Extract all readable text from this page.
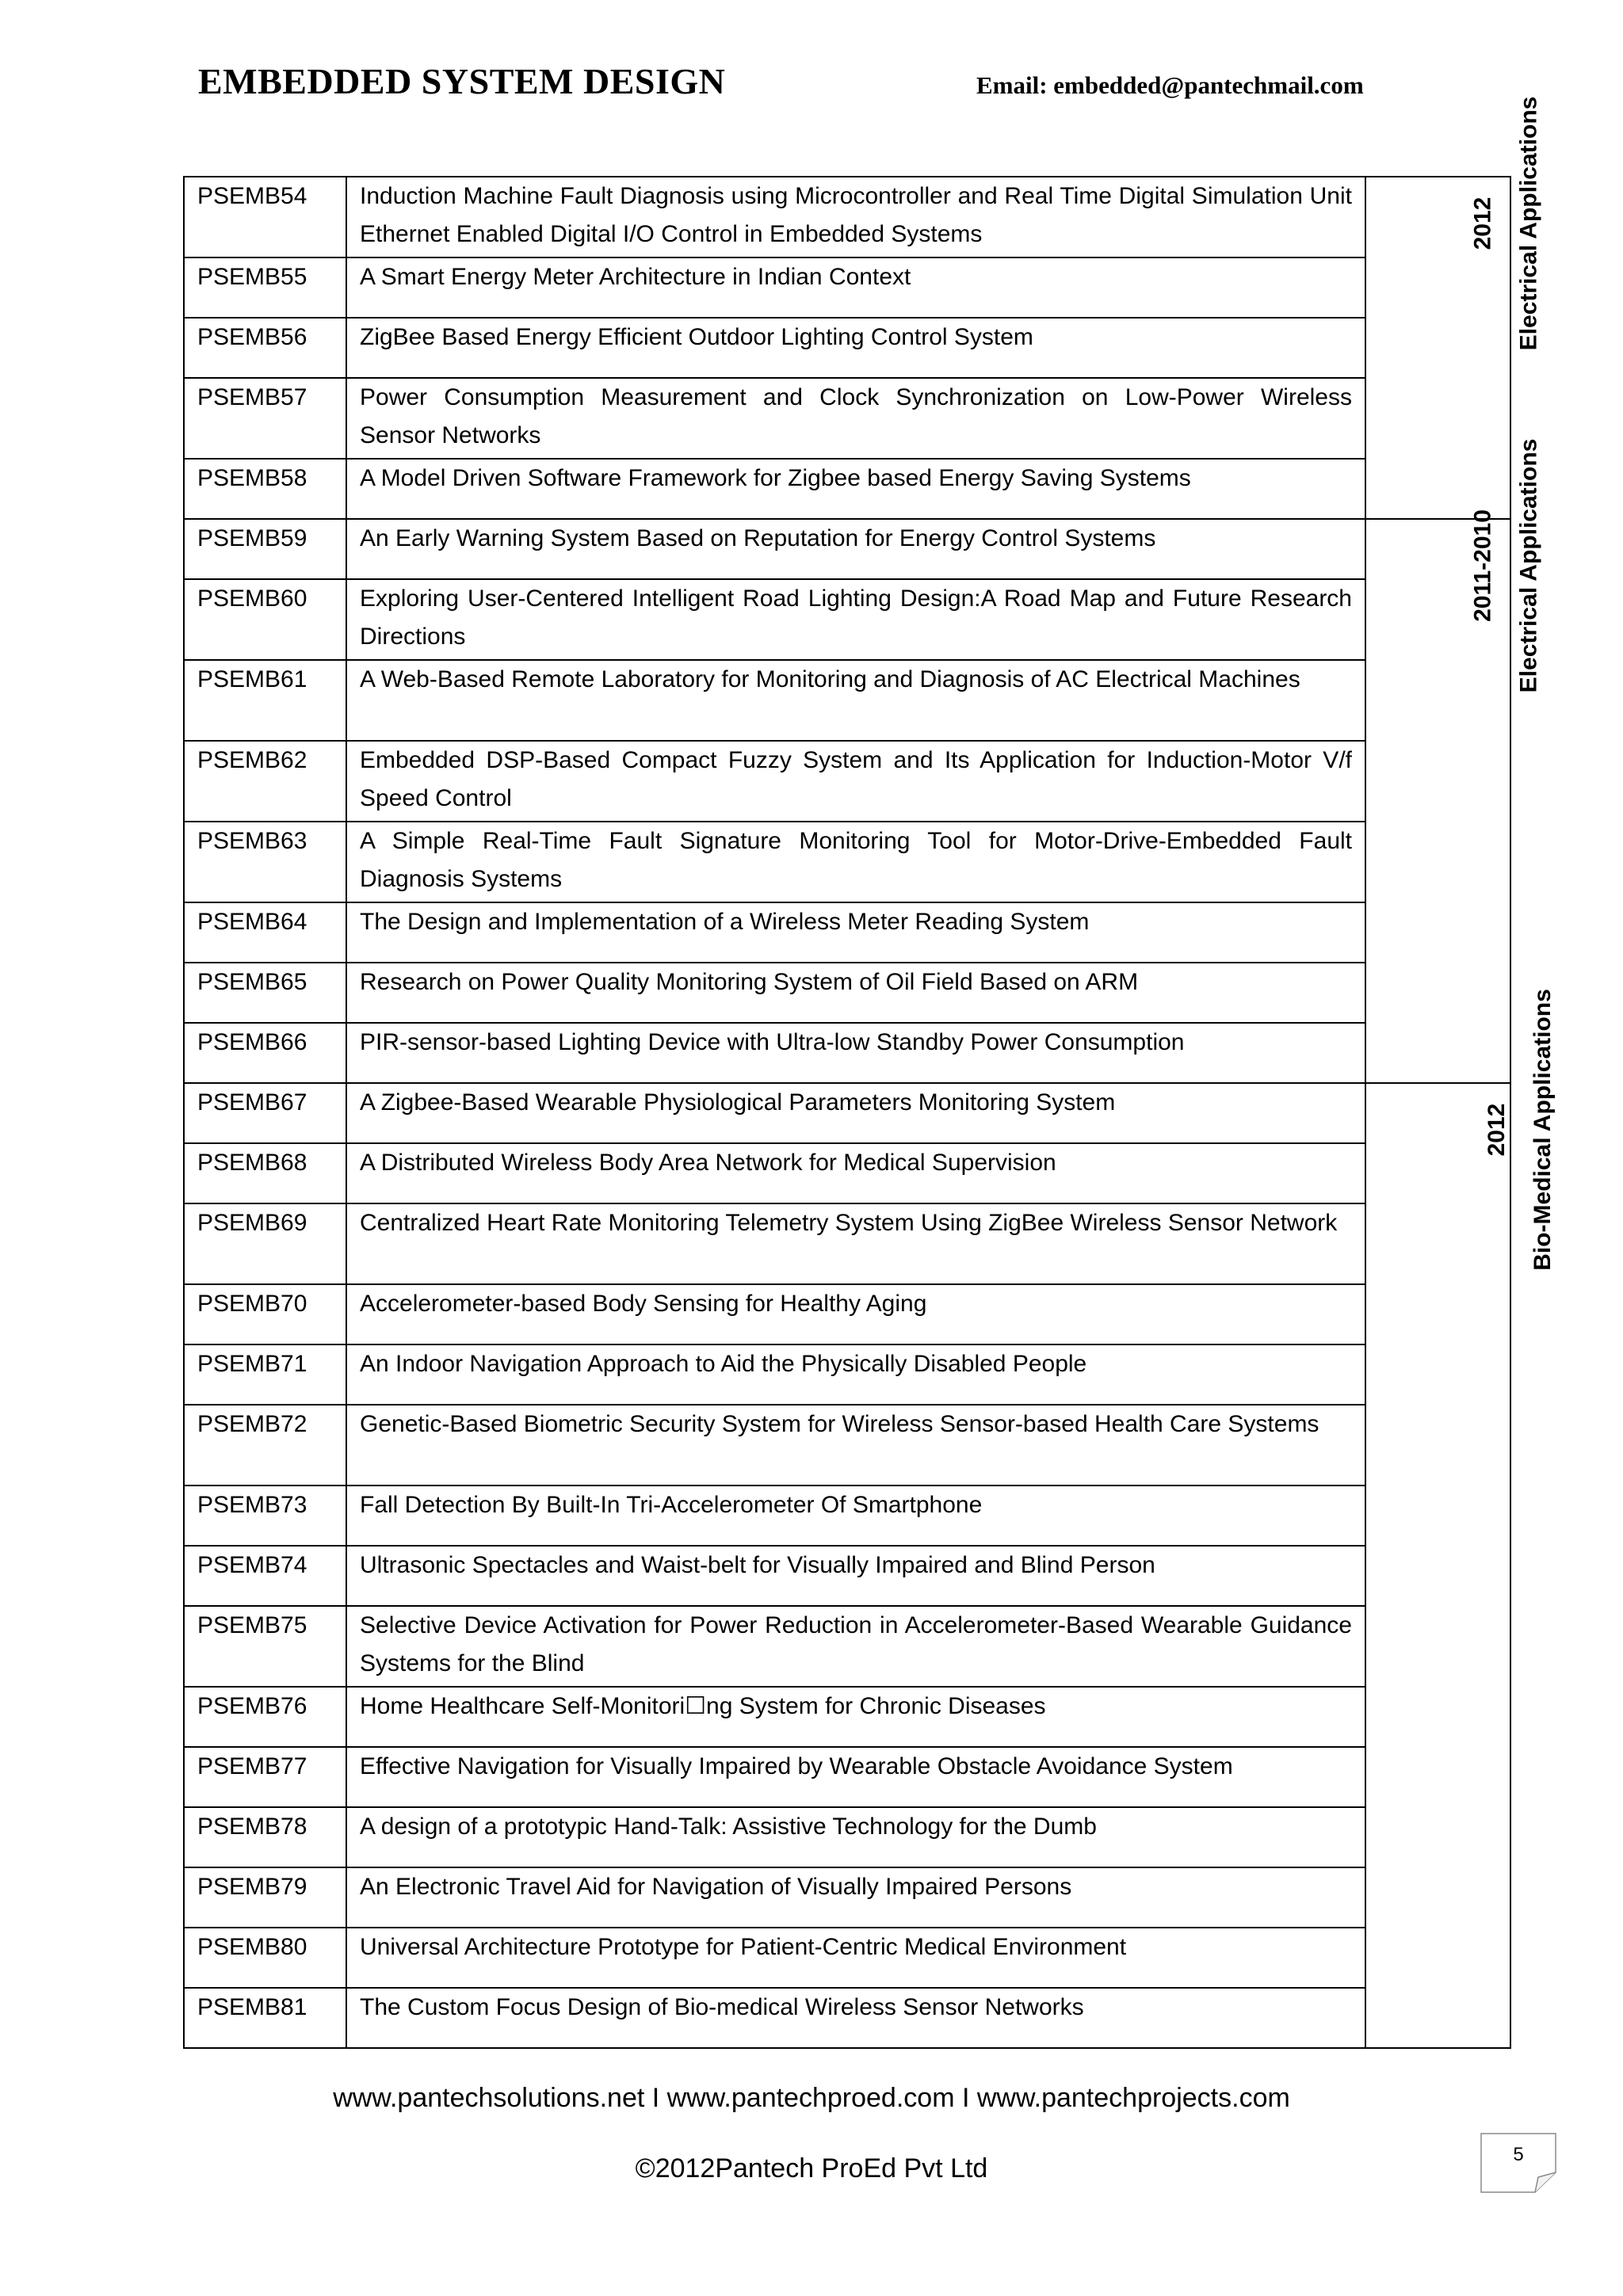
EMBEDDED SYSTEM DESIGN	Email: embedded@pantechmail.com
PSEMB54	Induction Machine Fault Diagnosis using Microcontroller and Real Time Digital Simulation Unit Ethernet Enabled Digital I/O Control in Embedded Systems	2012 Electrical Applications

PSEMB55	A Smart Energy Meter Architecture in Indian Context	
PSEMB56	ZigBee Based Energy Efficient Outdoor Lighting Control System	
PSEMB57	Power Consumption Measurement and Clock Synchronization on Low-Power Wireless Sensor Networks	
PSEMB58	A Model Driven Software Framework for Zigbee based Energy Saving Systems	
PSEMB59	An Early Warning System Based on Reputation for Energy Control Systems	2011-2010 Electrical Applications

PSEMB60	Exploring User-Centered Intelligent Road Lighting Design:A Road Map and Future Research Directions	
PSEMB61	A Web-Based Remote Laboratory for Monitoring and Diagnosis of AC Electrical Machines	
PSEMB62	Embedded DSP-Based Compact Fuzzy System and Its Application for Induction-Motor V/f Speed Control	
PSEMB63	A Simple Real-Time Fault Signature Monitoring Tool for Motor-Drive-Embedded Fault Diagnosis Systems	
PSEMB64	The Design and Implementation of a Wireless Meter Reading System	
PSEMB65	Research on Power Quality Monitoring System of Oil Field Based on ARM	
PSEMB66	PIR-sensor-based Lighting Device with Ultra-low Standby Power Consumption	
PSEMB67	A Zigbee-Based Wearable Physiological Parameters Monitoring System	2012 Bio-Medical Applications

PSEMB68	A Distributed Wireless Body Area Network for Medical Supervision	
PSEMB69	Centralized Heart Rate Monitoring Telemetry System Using ZigBee Wireless Sensor Network	
PSEMB70	Accelerometer-based Body Sensing for Healthy Aging	
PSEMB71	An Indoor Navigation Approach to Aid the Physically Disabled People	
PSEMB72	Genetic-Based Biometric Security System for Wireless Sensor-based Health Care Systems	
PSEMB73	Fall Detection By Built-In Tri-Accelerometer Of Smartphone	
PSEMB74	Ultrasonic Spectacles and Waist-belt for Visually Impaired and Blind Person	
PSEMB75	Selective Device Activation for Power Reduction in Accelerometer-Based Wearable Guidance Systems for the Blind	
PSEMB76	Home Healthcare Self-Monitori☐ng System for Chronic Diseases	
PSEMB77	Effective Navigation for Visually Impaired by Wearable Obstacle Avoidance System	
PSEMB78	A design of a prototypic Hand-Talk: Assistive Technology for the Dumb	
PSEMB79	An Electronic Travel Aid for Navigation of Visually Impaired Persons	
PSEMB80	Universal Architecture Prototype for Patient-Centric Medical Environment	
PSEMB81	The Custom Focus Design of Bio-medical Wireless Sensor Networks	
www.pantechsolutions.net I www.pantechproed.com I www.pantechprojects.com
©2012Pantech ProEd Pvt Ltd	5
